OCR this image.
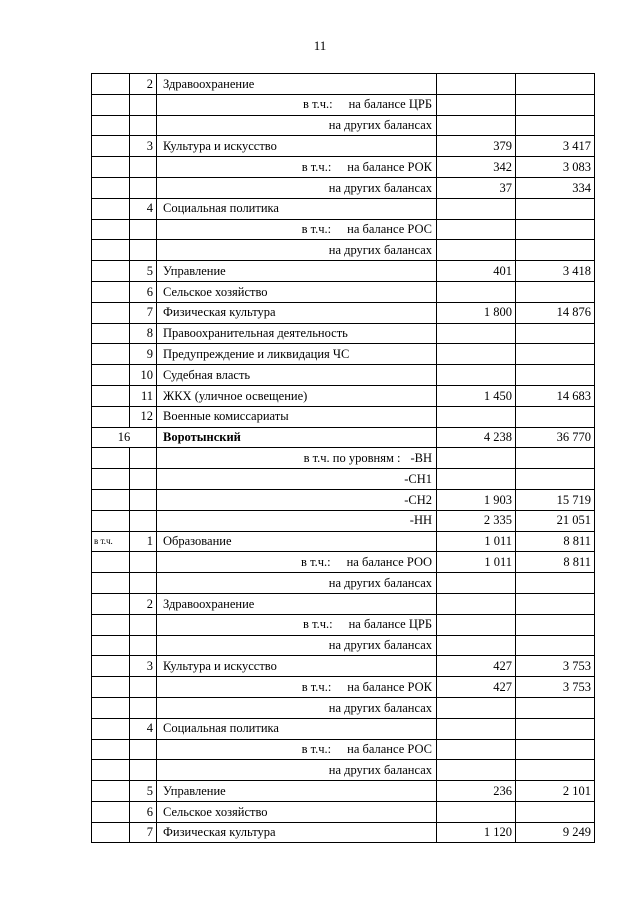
11
	2	Здравоохранение		
		в т.ч.: на балансе ЦРБ		
		на других балансах		
	3	Культура и искусство	379	3 417
		в т.ч.: на балансе РОК	342	3 083
		на других балансах	37	334
	4	Социальная политика		
		в т.ч.: на балансе РОС		
		на других балансах		
	5	Управление	401	3 418
	6	Сельское хозяйство		
	7	Физическая культура	1 800	14 876
	8	Правоохранительная деятельность		
	9	Предупреждение и ликвидация ЧС		
	10	Судебная власть		
	11	ЖКХ (уличное освещение)	1 450	14 683
	12	Военные комиссариаты		
16		Воротынский	4 238	36 770
		в т.ч. по уровням : -ВН		
		-СН1		
		-СН2	1 903	15 719
		-НН	2 335	21 051
в т.ч.	1	Образование	1 011	8 811
		в т.ч.: на балансе РОО	1 011	8 811
		на других балансах		
	2	Здравоохранение		
		в т.ч.: на балансе ЦРБ		
		на других балансах		
	3	Культура и искусство	427	3 753
		в т.ч.: на балансе РОК	427	3 753
		на других балансах		
	4	Социальная политика		
		в т.ч.: на балансе РОС		
		на других балансах		
	5	Управление	236	2 101
	6	Сельское хозяйство		
	7	Физическая культура	1 120	9 249
